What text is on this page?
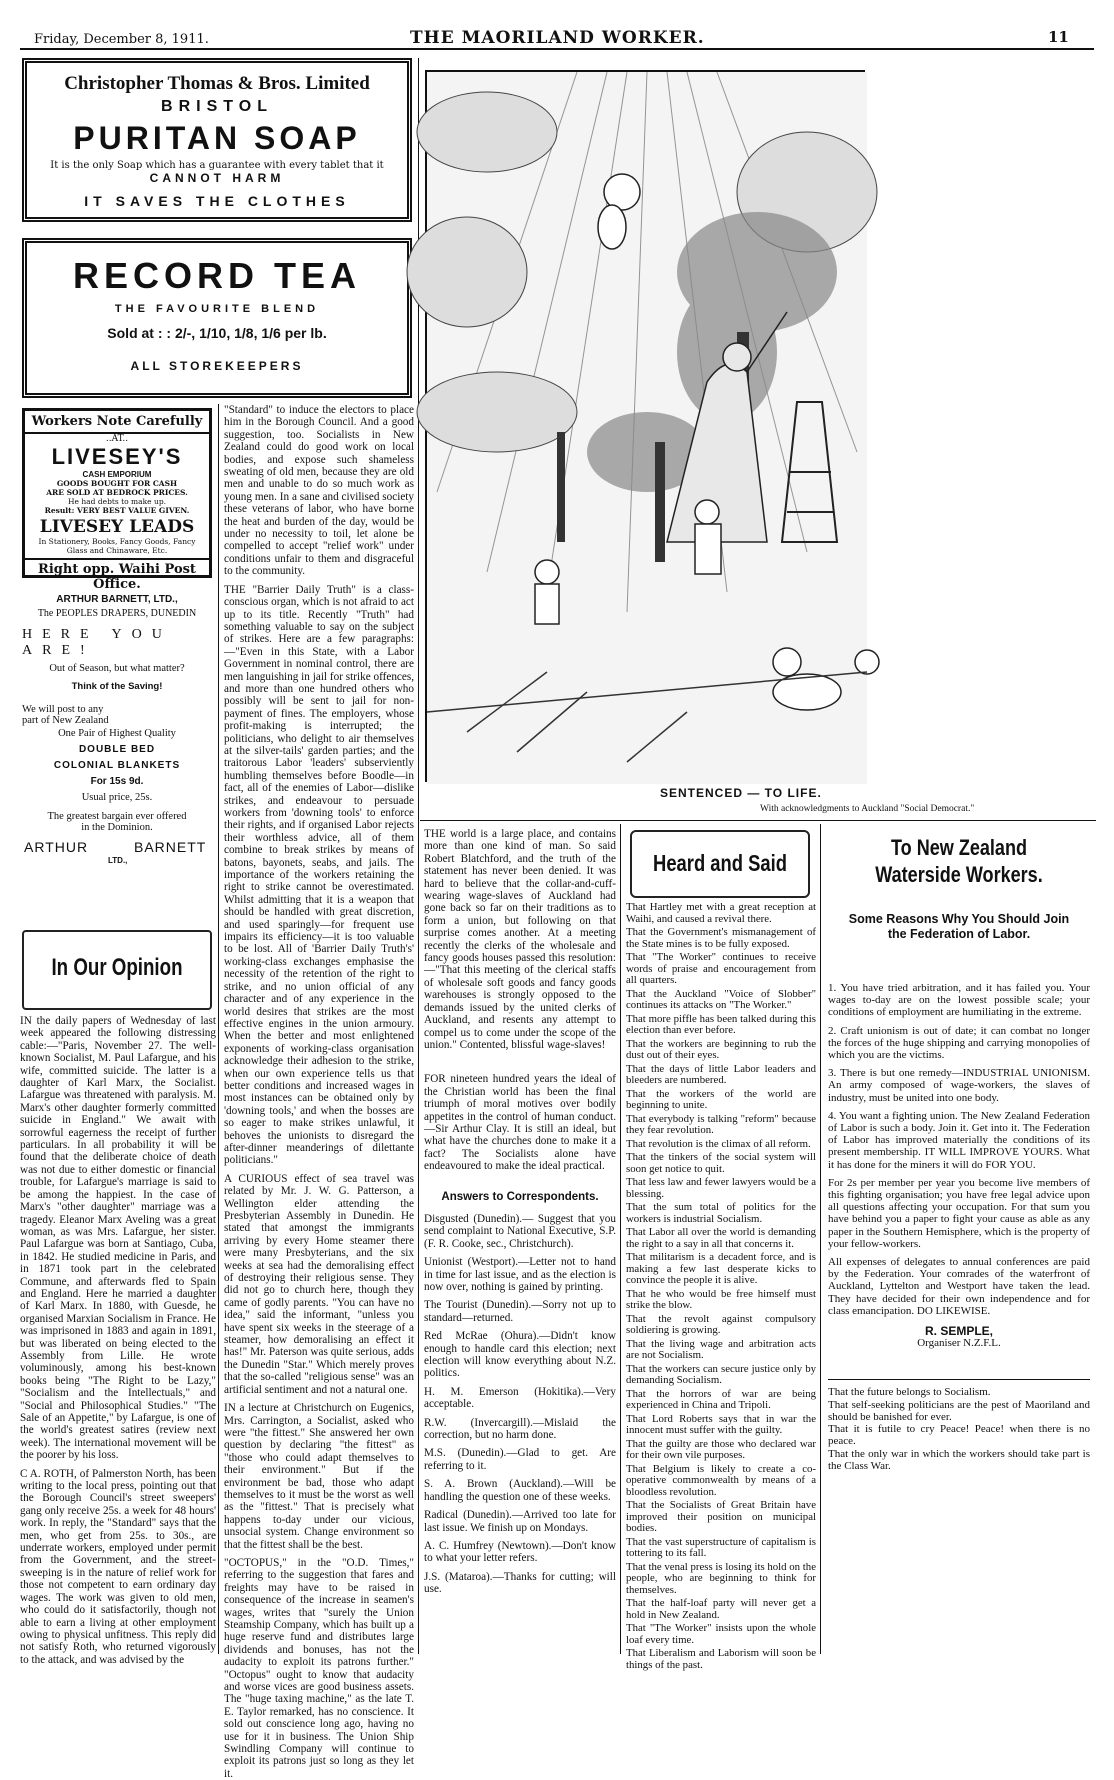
Friday, December 8, 1911.	THE MAORILAND WORKER.	11
Christopher Thomas & Bros. Limited
BRISTOL
PURITAN SOAP
It is the only Soap which has a guarantee with every tablet that it
CANNOT HARM
IT SAVES THE CLOTHES
RECORD TEA
THE FAVOURITE BLEND
Sold at : : 2/-, 1/10, 1/8, 1/6 per lb.
ALL STOREKEEPERS
Workers Note Carefully
..AT..
LIVESEY'S
CASH EMPORIUM
GOODS BOUGHT FOR CASH
ARE SOLD AT BEDROCK PRICES.
He had debts to make up.
Result: VERY BEST VALUE GIVEN.
LIVESEY LEADS
In Stationery, Books, Fancy Goods, Fancy Glass and Chinaware, Etc.
Right opp. Waihi Post Office.
ARTHUR BARNETT, LTD.,
The PEOPLES DRAPERS, DUNEDIN
HERE YOU ARE!
Out of Season, but what matter?
Think of the Saving!
We will post to any
part of New Zealand
One Pair of Highest Quality
DOUBLE BED
COLONIAL BLANKETS
For 15s 9d.
Usual price, 25s.
The greatest bargain ever offered
in the Dominion.
ARTHUR	BARNETT
LTD.,
In Our Opinion

IN the daily papers of Wednesday of last week appeared the following distressing cable:—"Paris, November 27. The well-known Socialist, M. Paul Lafargue, and his wife, committed suicide. The latter is a daughter of Karl Marx, the Socialist. Lafargue was threatened with paralysis. M. Marx's other daughter formerly committed suicide in England." We await with sorrowful eagerness the receipt of further particulars. In all probability it will be found that the deliberate choice of death was not due to either domestic or financial trouble, for Lafargue's marriage is said to be among the happiest. In the case of Marx's "other daughter" marriage was a tragedy. Eleanor Marx Aveling was a great woman, as was Mrs. Lafargue, her sister. Paul Lafargue was born at Santiago, Cuba, in 1842. He studied medicine in Paris, and in 1871 took part in the celebrated Commune, and afterwards fled to Spain and England. Here he married a daughter of Karl Marx. In 1880, with Guesde, he organised Marxian Socialism in France. He was imprisoned in 1883 and again in 1891, but was liberated on being elected to the Assembly from Lille. He wrote voluminously, among his best-known books being "The Right to be Lazy," "Socialism and the Intellectuals," and "Social and Philosophical Studies." "The Sale of an Appetite," by Lafargue, is one of the world's greatest satires (review next week). The international movement will be the poorer by his loss.

C A. ROTH, of Palmerston North, has been writing to the local press, pointing out that the Borough Council's street sweepers' gang only receive 25s. a week for 48 hours' work. In reply, the "Standard" says that the men, who get from 25s. to 30s., are underrate workers, employed under permit from the Government, and the street-sweeping is in the nature of relief work for those not competent to earn ordinary day wages. The work was given to old men, who could do it satisfactorily, though not able to earn a living at other employment owing to physical unfitness. This reply did not satisfy Roth, who returned vigorously to the attack, and was advised by the

"Standard" to induce the electors to place him in the Borough Council. And a good suggestion, too. Socialists in New Zealand could do good work on local bodies, and expose such shameless sweating of old men, because they are old men and unable to do so much work as young men. In a sane and civilised society these veterans of labor, who have borne the heat and burden of the day, would be under no necessity to toil, let alone be compelled to accept "relief work" under conditions unfair to them and disgraceful to the community.

THE "Barrier Daily Truth" is a class-conscious organ, which is not afraid to act up to its title. Recently "Truth" had something valuable to say on the subject of strikes. Here are a few paragraphs:—"Even in this State, with a Labor Government in nominal control, there are men languishing in jail for strike offences, and more than one hundred others who possibly will be sent to jail for non-payment of fines. The employers, whose profit-making is interrupted; the politicians, who delight to air themselves at the silver-tails' garden parties; and the traitorous Labor 'leaders' subserviently humbling themselves before Boodle—in fact, all of the enemies of Labor—dislike strikes, and endeavour to persuade workers from 'downing tools' to enforce their rights, and if organised Labor rejects their worthless advice, all of them combine to break strikes by means of batons, bayonets, seabs, and jails. The importance of the workers retaining the right to strike cannot be overestimated. Whilst admitting that it is a weapon that should be handled with great discretion, and used sparingly—for frequent use impairs its efficiency—it is too valuable to be lost. All of 'Barrier Daily Truth's' working-class exchanges emphasise the necessity of the retention of the right to strike, and no union official of any character and of any experience in the world desires that strikes are the most effective engines in the union armoury. When the better and most enlightened exponents of working-class organisation acknowledge their adhesion to the strike, when our own experience tells us that better conditions and increased wages in most instances can be obtained only by 'downing tools,' and when the bosses are so eager to make strikes unlawful, it behoves the unionists to disregard the after-dinner meanderings of dilettante politicians."

A CURIOUS effect of sea travel was related by Mr. J. W. G. Patterson, a Wellington elder attending the Presbyterian Assembly in Dunedin. He stated that amongst the immigrants arriving by every Home steamer there were many Presbyterians, and the six weeks at sea had the demoralising effect of destroying their religious sense. They did not go to church here, though they came of godly parents. "You can have no idea," said the informant, "unless you have spent six weeks in the steerage of a steamer, how demoralising an effect it has!" Mr. Paterson was quite serious, adds the Dunedin "Star." Which merely proves that the so-called "religious sense" was an artificial sentiment and not a natural one.

IN a lecture at Christchurch on Eugenics, Mrs. Carrington, a Socialist, asked who were "the fittest." She answered her own question by declaring "the fittest" as "those who could adapt themselves to their environment." But if the environment be bad, those who adapt themselves to it must be the worst as well as the "fittest." That is precisely what happens to-day under our vicious, unsocial system. Change environment so that the fittest shall be the best.

"OCTOPUS," in the "O.D. Times," referring to the suggestion that fares and freights may have to be raised in consequence of the increase in seamen's wages, writes that "surely the Union Steamship Company, which has built up a huge reserve fund and distributes large dividends and bonuses, has not the audacity to exploit its patrons further." "Octopus" ought to know that audacity and worse vices are good business assets. The "huge taxing machine," as the late T. E. Taylor remarked, has no conscience. It sold out conscience long ago, having no use for it in business. The Union Ship Swindling Company will continue to exploit its patrons just so long as they let it.

SENTENCED — TO LIFE.
With acknowledgments to Auckland "Social Democrat."

THE world is a large place, and contains more than one kind of man. So said Robert Blatchford, and the truth of the statement has never been denied. It was hard to believe that the collar-and-cuff-wearing wage-slaves of Auckland had gone back so far on their traditions as to form a union, but following on that surprise comes another. At a meeting recently the clerks of the wholesale and fancy goods houses passed this resolution:—"That this meeting of the clerical staffs of wholesale soft goods and fancy goods warehouses is strongly opposed to the demands issued by the united clerks of Auckland, and resents any attempt to compel us to come under the scope of the union." Contented, blissful wage-slaves!

FOR nineteen hundred years the ideal of the Christian world has been the final triumph of moral motives over bodily appetites in the control of human conduct.—Sir Arthur Clay. It is still an ideal, but what have the churches done to make it a fact? The Socialists alone have endeavoured to make the ideal practical.

Answers to Correspondents.

Disgusted (Dunedin).— Suggest that you send complaint to National Executive, S.P. (F. R. Cooke, sec., Christchurch).

Unionist (Westport).—Letter not to hand in time for last issue, and as the election is now over, nothing is gained by printing.

The Tourist (Dunedin).—Sorry not up to standard—returned.

Red McRae (Ohura).—Didn't know enough to handle card this election; next election will know everything about N.Z. politics.

H. M. Emerson (Hokitika).—Very acceptable.

R.W. (Invercargill).—Mislaid the correction, but no harm done.

M.S. (Dunedin).—Glad to get. Are referring to it.

S. A. Brown (Auckland).—Will be handling the question one of these weeks.

Radical (Dunedin).—Arrived too late for last issue. We finish up on Mondays.

A. C. Humfrey (Newtown).—Don't know to what your letter refers.

J.S. (Mataroa).—Thanks for cutting; will use.

Heard and Said
That Hartley met with a great reception at Waihi, and caused a revival there.
That the Government's mismanagement of the State mines is to be fully exposed.
That "The Worker" continues to receive words of praise and encouragement from all quarters.
That the Auckland "Voice of Slobber" continues its attacks on "The Worker."
That more piffle has been talked during this election than ever before.
That the workers are beginning to rub the dust out of their eyes.
That the days of little Labor leaders and bleeders are numbered.
That the workers of the world are beginning to unite.
That everybody is talking "reform" because they fear revolution.
That revolution is the climax of all reform.
That the tinkers of the social system will soon get notice to quit.
That less law and fewer lawyers would be a blessing.
That the sum total of politics for the workers is industrial Socialism.
That Labor all over the world is demanding the right to a say in all that concerns it.
That militarism is a decadent force, and is making a few last desperate kicks to convince the people it is alive.
That he who would be free himself must strike the blow.
That the revolt against compulsory soldiering is growing.
That the living wage and arbitration acts are not Socialism.
That the workers can secure justice only by demanding Socialism.
That the horrors of war are being experienced in China and Tripoli.
That Lord Roberts says that in war the innocent must suffer with the guilty.
That the guilty are those who declared war for their own vile purposes.
That Belgium is likely to create a co-operative commonwealth by means of a bloodless revolution.
That the Socialists of Great Britain have improved their position on municipal bodies.
That the vast superstructure of capitalism is tottering to its fall.
That the venal press is losing its hold on the people, who are beginning to think for themselves.
That the half-loaf party will never get a hold in New Zealand.
That "The Worker" insists upon the whole loaf every time.
That Liberalism and Laborism will soon be things of the past.
To New Zealand Waterside Workers.
Some Reasons Why You Should Join the Federation of Labor.

1. You have tried arbitration, and it has failed you. Your wages to-day are on the lowest possible scale; your conditions of employment are humiliating in the extreme.

2. Craft unionism is out of date; it can combat no longer the forces of the huge shipping and carrying monopolies of which you are the victims.

3. There is but one remedy—INDUSTRIAL UNIONISM. An army composed of wage-workers, the slaves of industry, must be united into one body.

4. You want a fighting union. The New Zealand Federation of Labor is such a body. Join it. Get into it. The Federation of Labor has improved materially the conditions of its present membership. IT WILL IMPROVE YOURS. What it has done for the miners it will do FOR YOU.

For 2s per member per year you become live members of this fighting organisation; you have free legal advice upon all questions affecting your occupation. For that sum you have behind you a paper to fight your cause as able as any paper in the Southern Hemisphere, which is the property of your fellow-workers.

All expenses of delegates to annual conferences are paid by the Federation. Your comrades of the waterfront of Auckland, Lyttelton and Westport have taken the lead. They have decided for their own independence and for class emancipation. DO LIKEWISE.

R. SEMPLE,
Organiser N.Z.F.L.
That the future belongs to Socialism.
That self-seeking politicians are the pest of Maoriland and should be banished for ever.
That it is futile to cry Peace! Peace! when there is no peace.
That the only war in which the workers should take part is the Class War.
